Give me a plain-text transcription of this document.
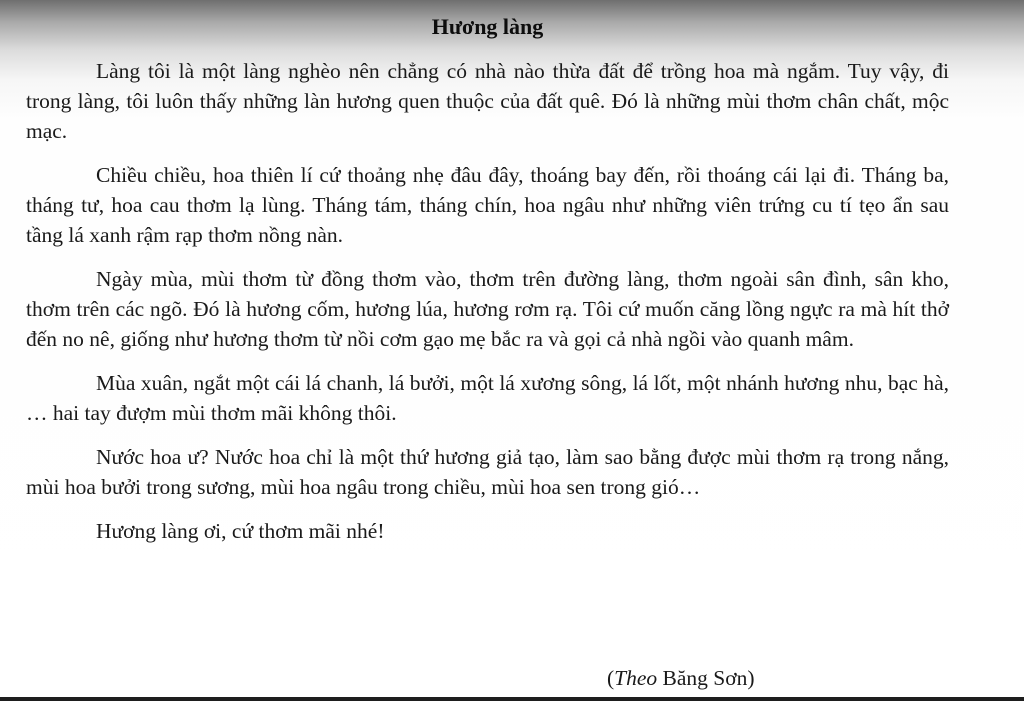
Hương làng

Làng tôi là một làng nghèo nên chẳng có nhà nào thừa đất để trồng hoa mà ngắm. Tuy vậy, đi trong làng, tôi luôn thấy những làn hương quen thuộc của đất quê. Đó là những mùi thơm chân chất, mộc mạc.

Chiều chiều, hoa thiên lí cứ thoảng nhẹ đâu đây, thoáng bay đến, rồi thoáng cái lại đi. Tháng ba, tháng tư, hoa cau thơm lạ lùng. Tháng tám, tháng chín, hoa ngâu như những viên trứng cu tí tẹo ẩn sau tầng lá xanh rậm rạp thơm nồng nàn.

Ngày mùa, mùi thơm từ đồng thơm vào, thơm trên đường làng, thơm ngoài sân đình, sân kho, thơm trên các ngõ. Đó là hương cốm, hương lúa, hương rơm rạ. Tôi cứ muốn căng lồng ngực ra mà hít thở đến no nê, giống như hương thơm từ nồi cơm gạo mẹ bắc ra và gọi cả nhà ngồi vào quanh mâm.

Mùa xuân, ngắt một cái lá chanh, lá bưởi, một lá xương sông, lá lốt, một nhánh hương nhu, bạc hà, … hai tay đượm mùi thơm mãi không thôi.

Nước hoa ư? Nước hoa chỉ là một thứ hương giả tạo, làm sao bằng được mùi thơm rạ trong nắng, mùi hoa bưởi trong sương, mùi hoa ngâu trong chiều, mùi hoa sen trong gió…

Hương làng ơi, cứ thơm mãi nhé!

(Theo Băng Sơn)
